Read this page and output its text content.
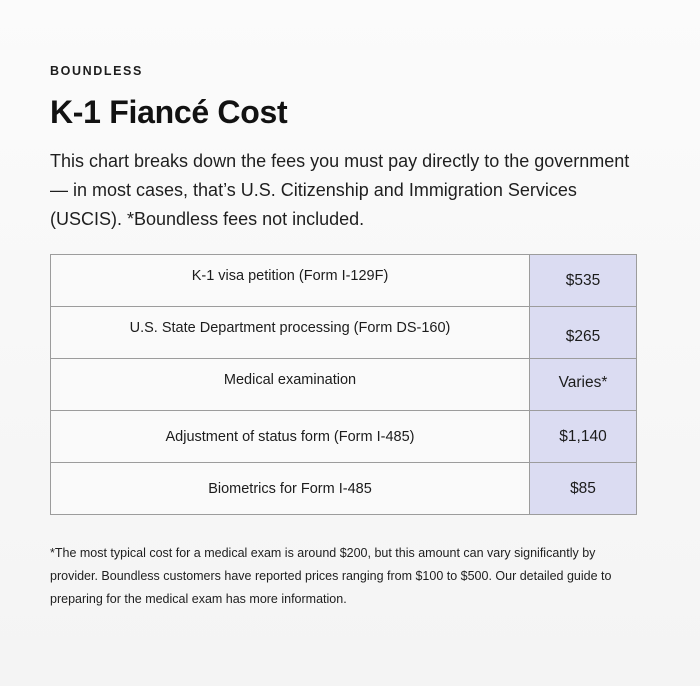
BOUNDLESS
K-1 Fiancé Cost

This chart breaks down the fees you must pay directly to the government — in most cases, that’s U.S. Citizenship and Immigration Services (USCIS). *Boundless fees not included.

K-1 visa petition (Form I-129F)	$535
U.S. State Department processing (Form DS-160)	$265
Medical examination	Varies*
Adjustment of status form (Form I-485)	$1,140
Biometrics for Form I-485	$85

*The most typical cost for a medical exam is around $200, but this amount can vary significantly by provider. Boundless customers have reported prices ranging from $100 to $500. Our detailed guide to preparing for the medical exam has more information.
